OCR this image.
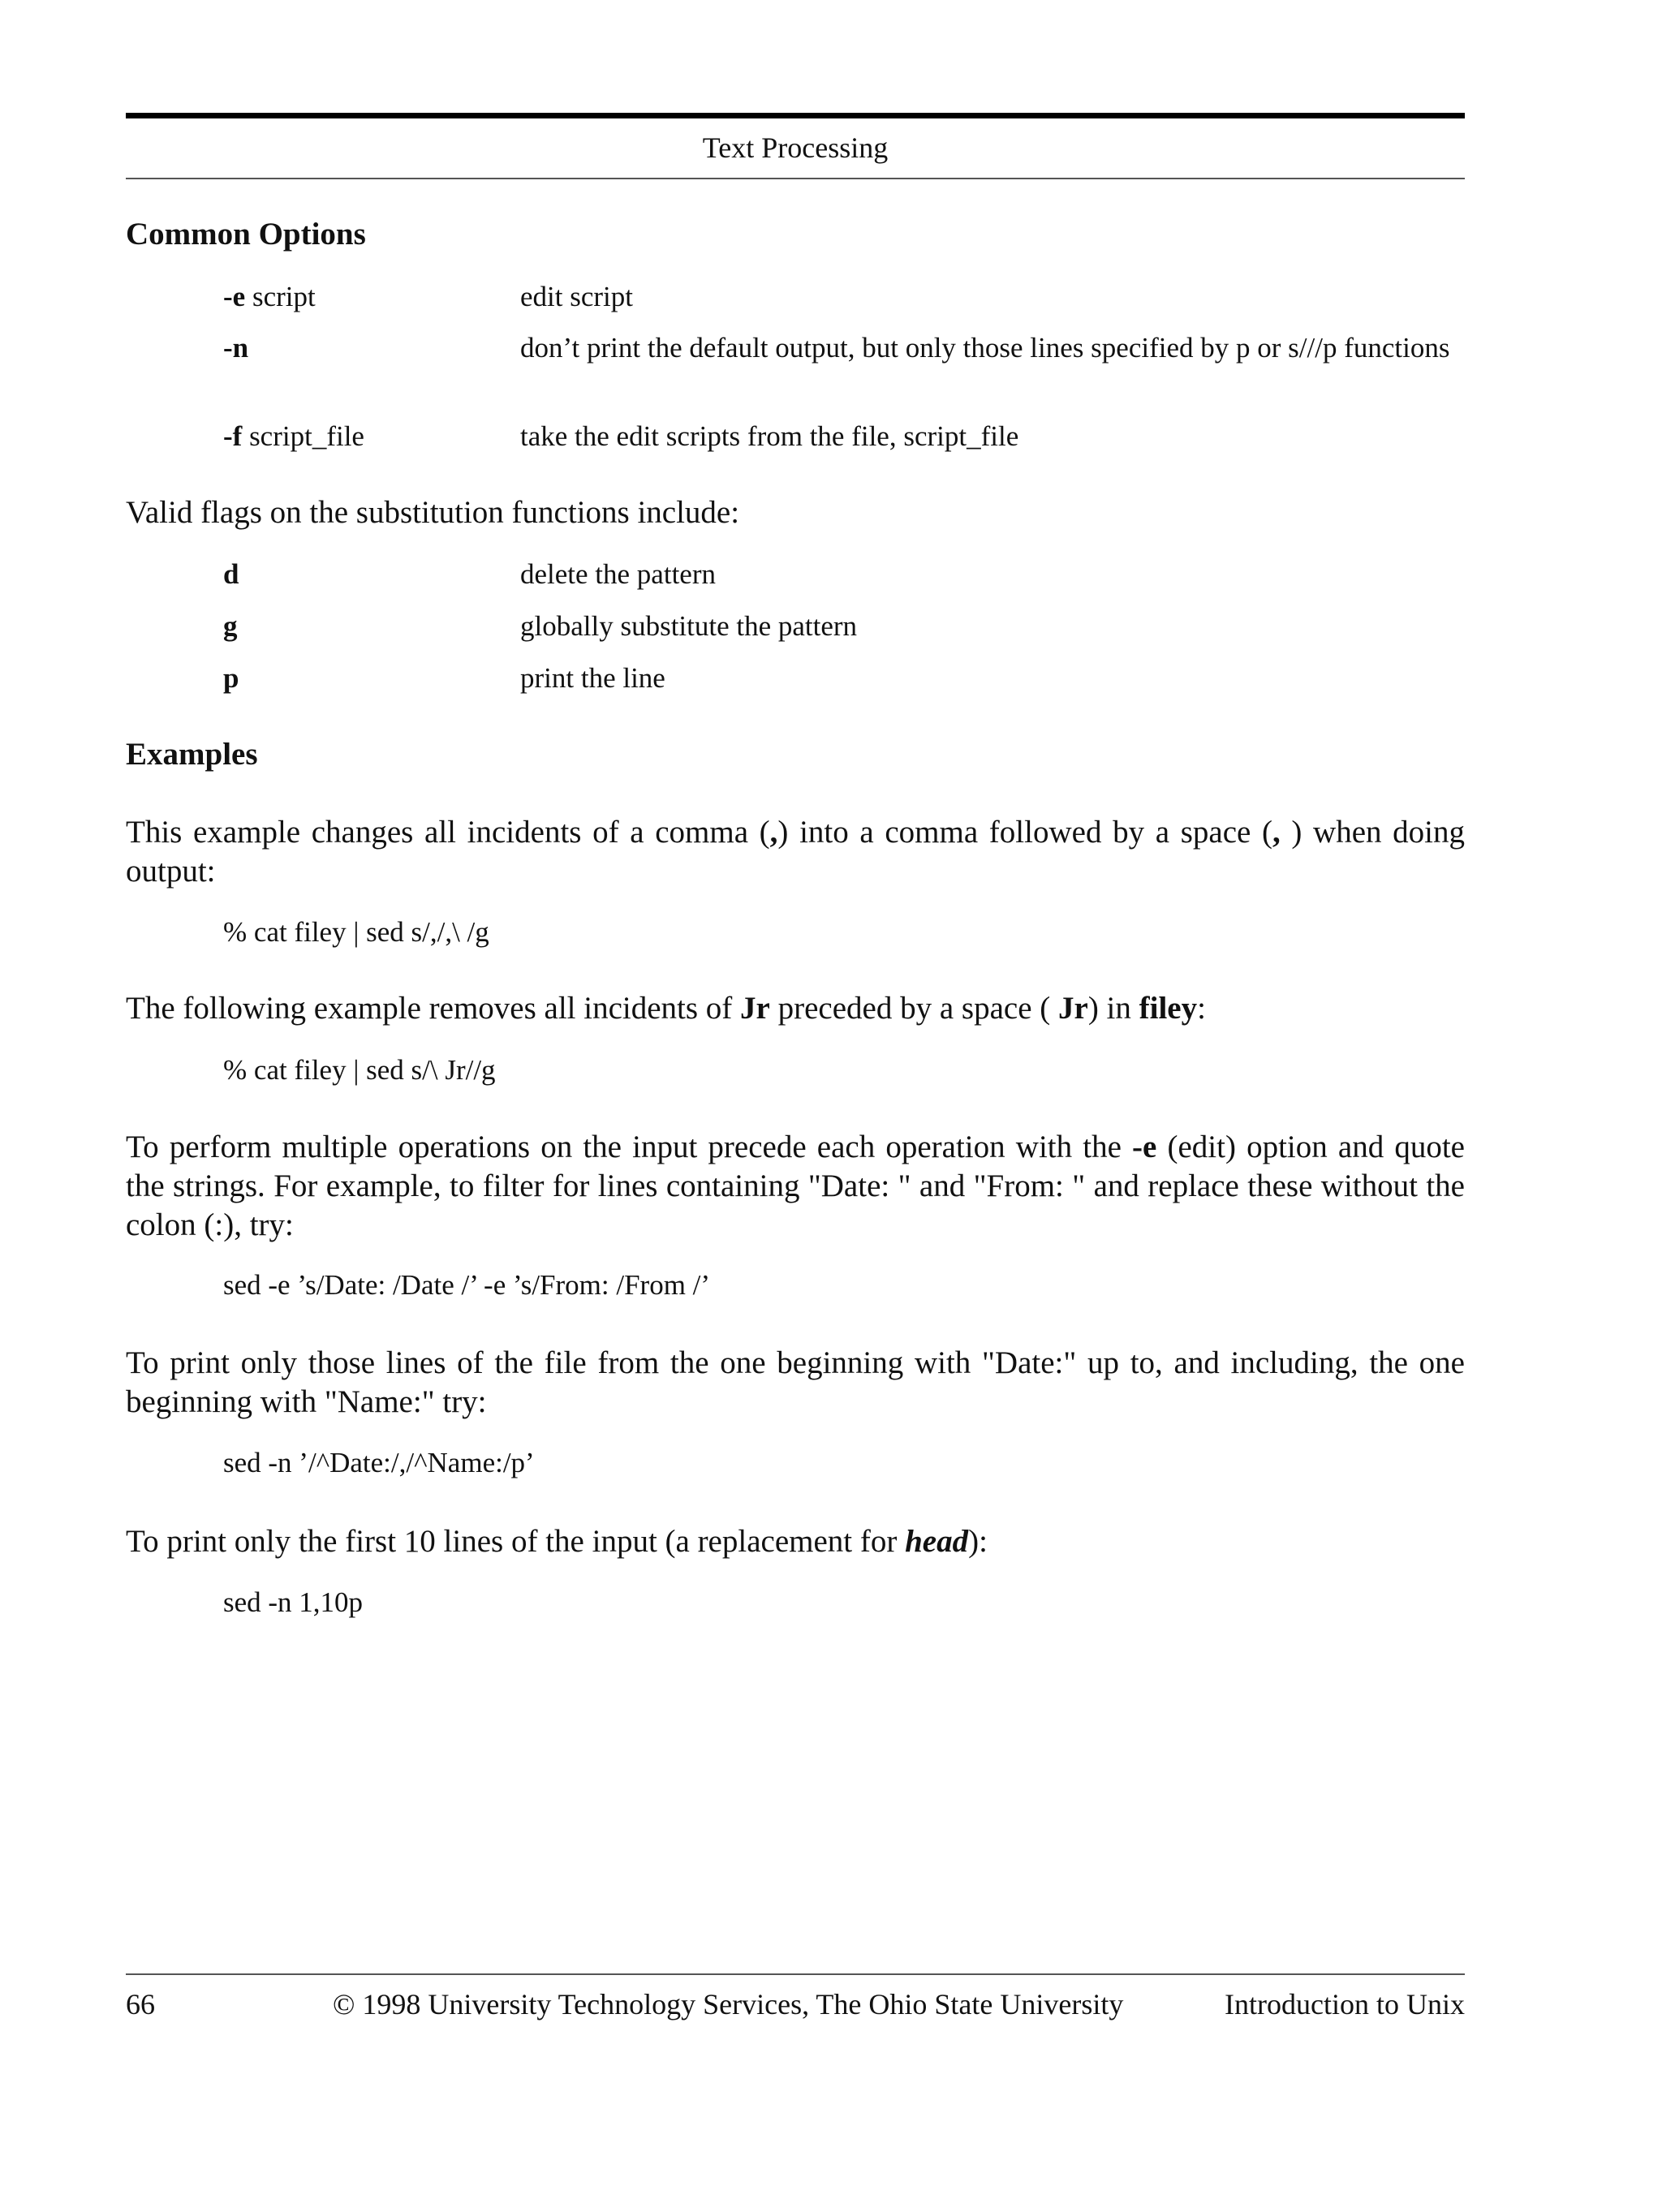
Text Processing
Common Options
-e script	edit script
-n	don’t print the default output, but only those lines specified by p or s///p functions
-f script_file	take the edit scripts from the file, script_file
Valid flags on the substitution functions include:
d	delete the pattern
g	globally substitute the pattern
p	print the line
Examples
This example changes all incidents of a comma (,) into a comma followed by a space (, ) when doing output:
% cat filey | sed s/,/,\ /g
The following example removes all incidents of Jr preceded by a space ( Jr) in filey:
% cat filey | sed s/\ Jr//g
To perform multiple operations on the input precede each operation with the -e (edit) option and quote the strings. For example, to filter for lines containing "Date: " and "From: " and replace these without the colon (:), try:
sed -e ’s/Date: /Date /’ -e ’s/From: /From /’
To print only those lines of the file from the one beginning with "Date:" up to, and including, the one beginning with "Name:" try:
sed -n ’/^Date:/,/^Name:/p’
To print only the first 10 lines of the input (a replacement for head):
sed -n 1,10p
66	© 1998 University Technology Services, The Ohio State University	Introduction to Unix
